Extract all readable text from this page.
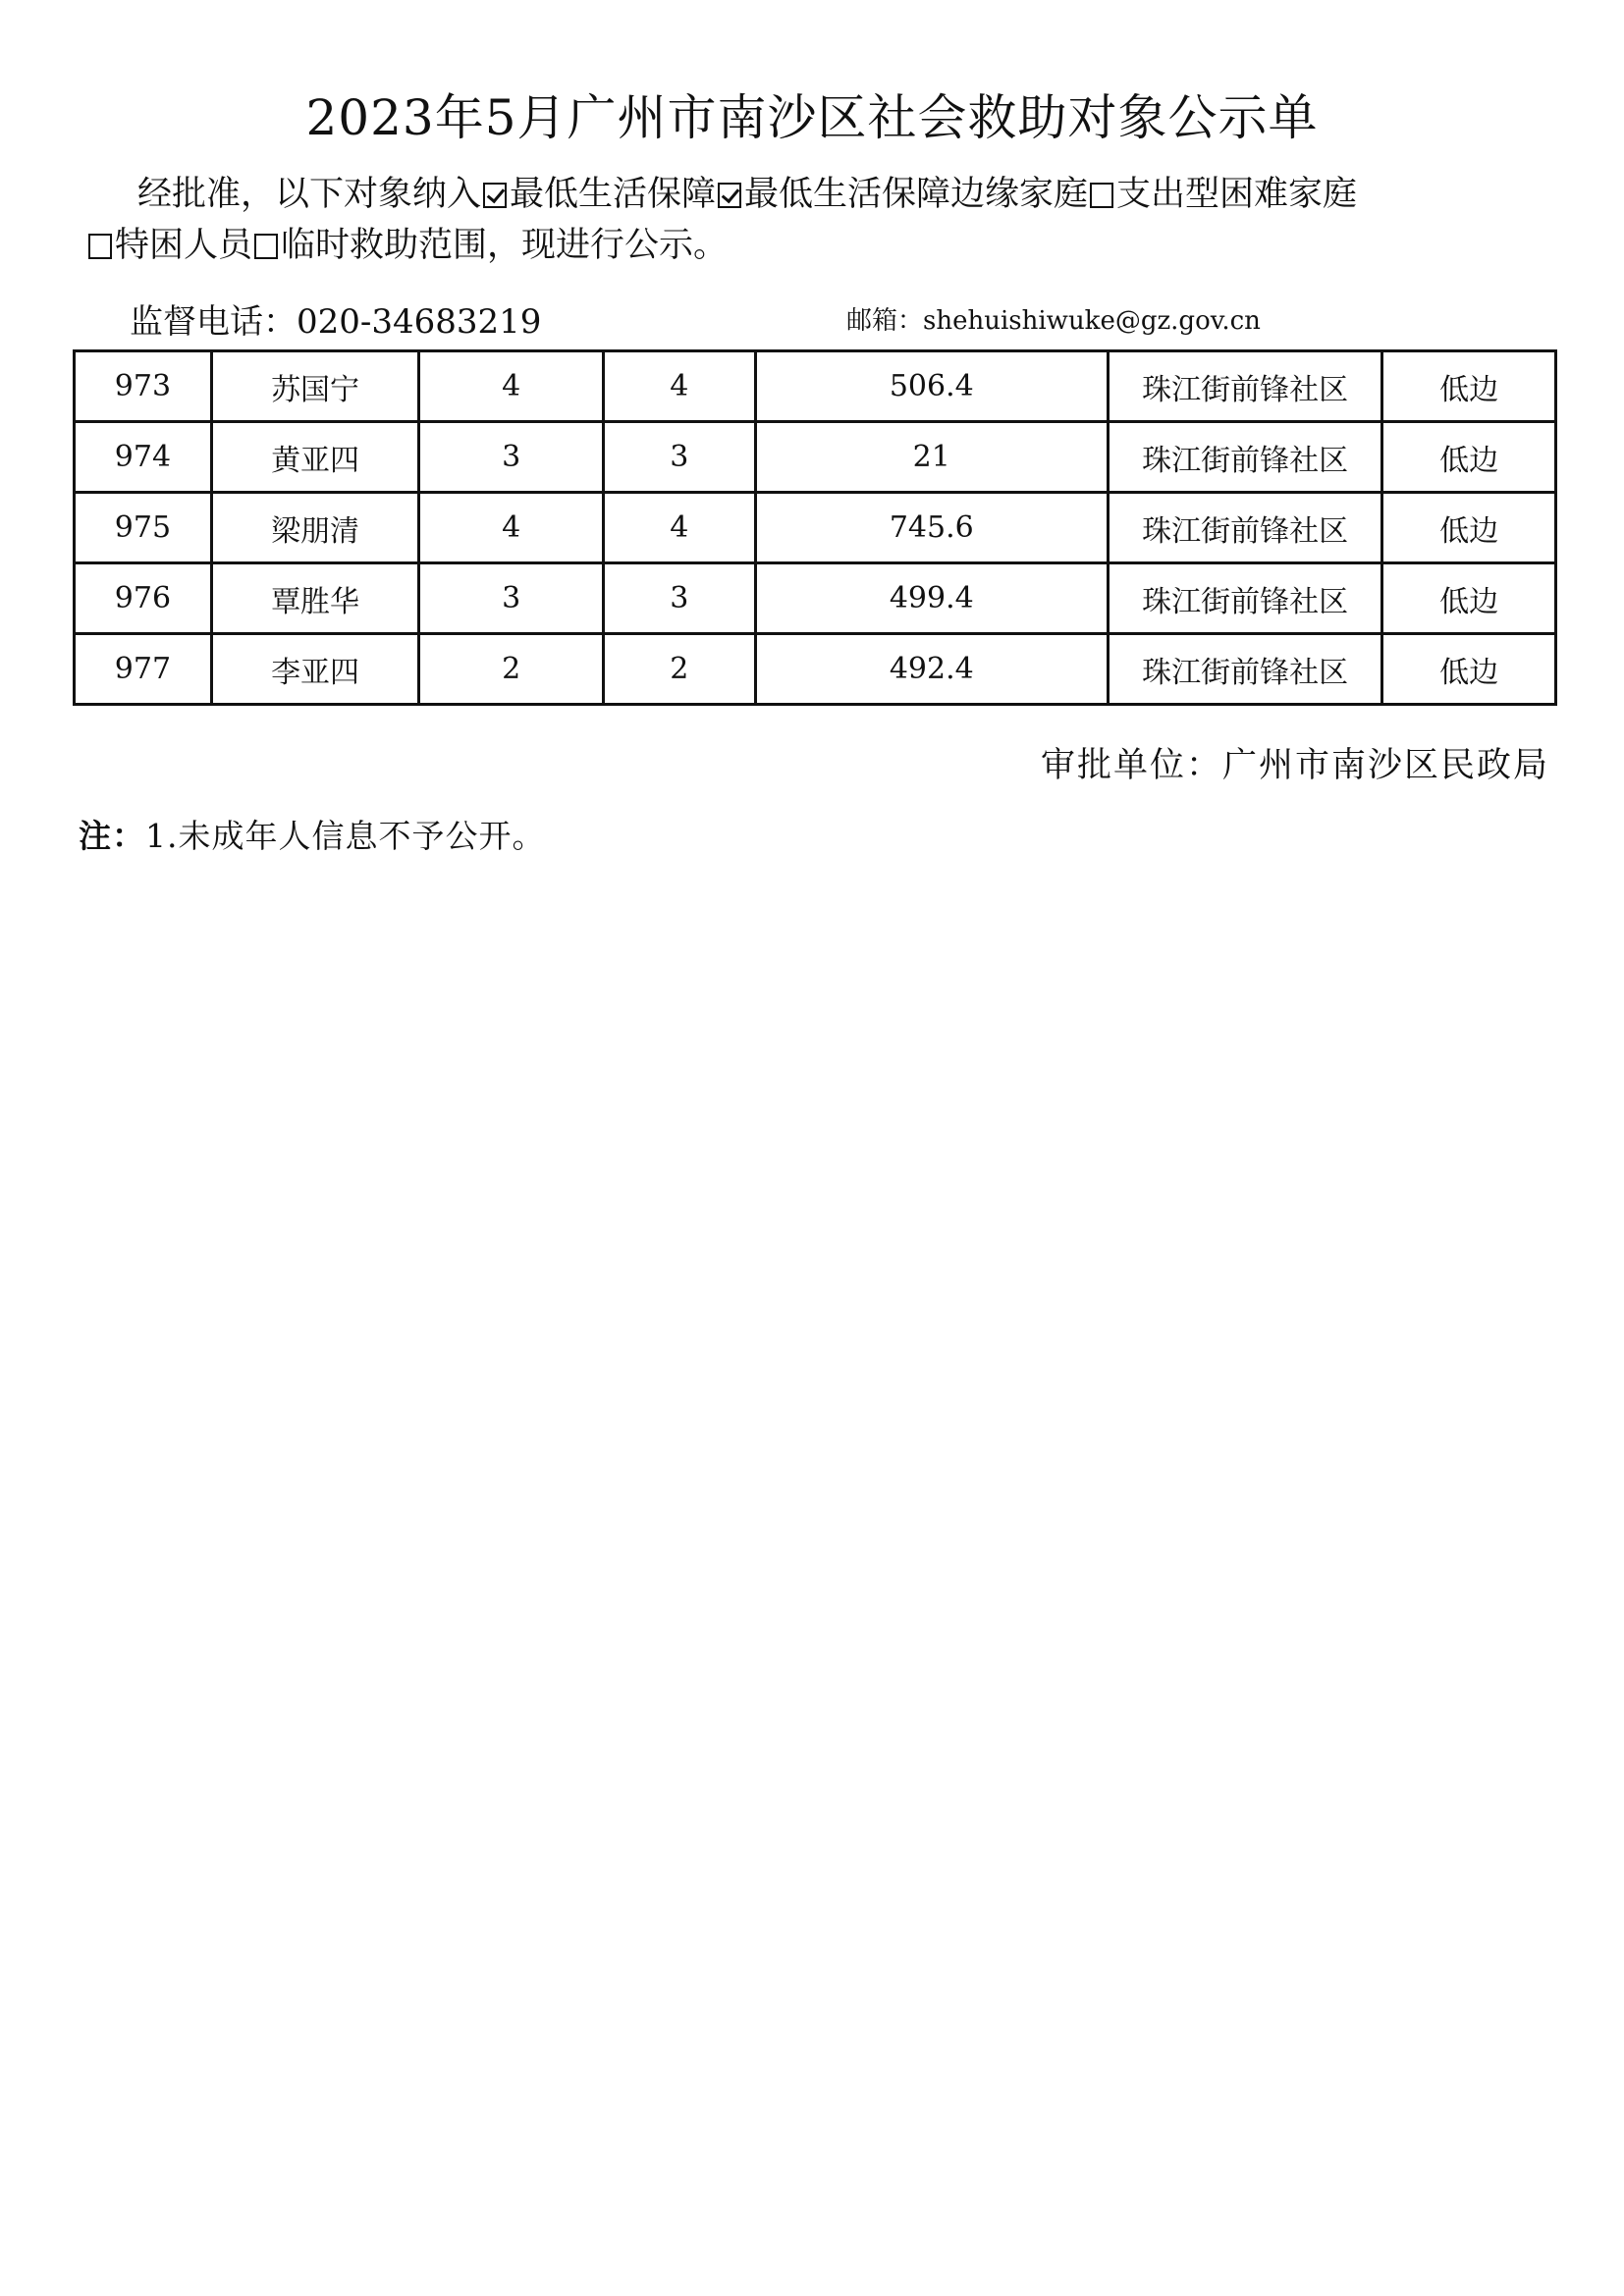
2023年5月广州市南沙区社会救助对象公示单
经批准，以下对象纳入 最低生活保障 最低生活保障边缘家庭 支出型困难家庭
特困人员 临时救助范围，现进行公示。
监督电话：020-34683219	邮箱：shehuishiwuke@gz.gov.cn
973	苏国宁	4	4	506.4	珠江街前锋社区	低边
974	黄亚四	3	3	21	珠江街前锋社区	低边
975	梁朋清	4	4	745.6	珠江街前锋社区	低边
976	覃胜华	3	3	499.4	珠江街前锋社区	低边
977	李亚四	2	2	492.4	珠江街前锋社区	低边
审批单位：广州市南沙区民政局
注：1.未成年人信息不予公开。
